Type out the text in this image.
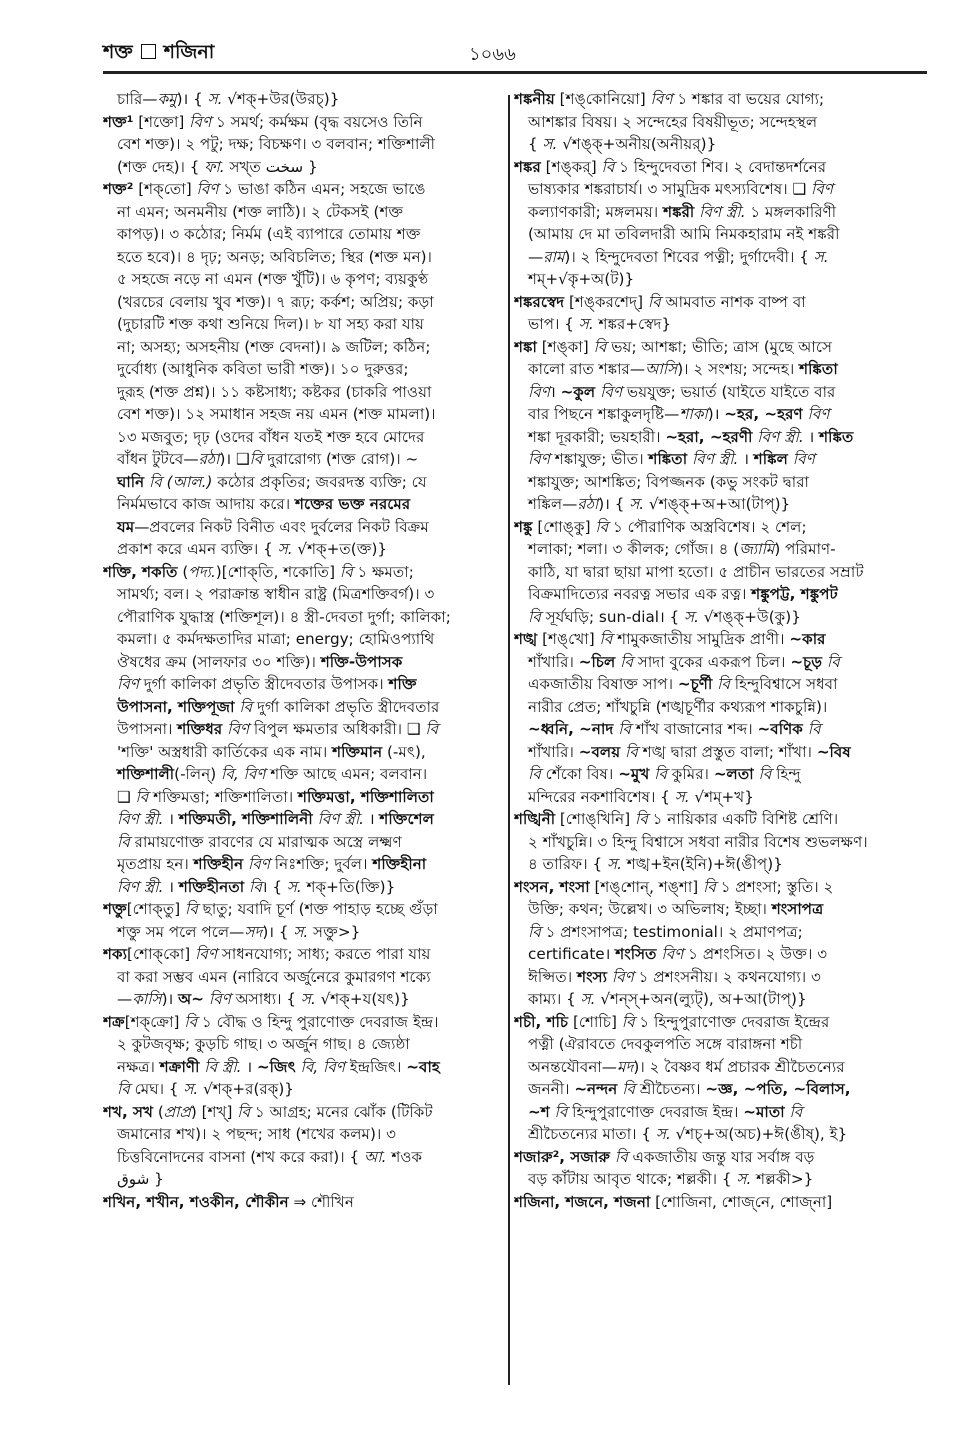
শক্ত শজিনা	১০৬৬
চারি—কমু)। { স. √শক্+উর(উরচ্)}
শক্ত¹ [শক্তো] বিণ ১ সমর্থ; কর্মক্ষম (বৃদ্ধ বয়সেও তিনি
বেশ শক্ত)। ২ পটু; দক্ষ; বিচক্ষণ। ৩ বলবান; শক্তিশালী
(শক্ত দেহ)। { ফা. সখ্‌ত سخت }
শক্ত² [শক্‌তো] বিণ ১ ভাঙা কঠিন এমন; সহজে ভাঙে
না এমন; অনমনীয় (শক্ত লাঠি)। ২ টেকসই (শক্ত
কাপড়)। ৩ কঠোর; নির্মম (এই ব্যাপারে তোমায় শক্ত
হতে হবে)। ৪ দৃঢ়; অনড়; অবিচলিত; স্থির (শক্ত মন)।
৫ সহজে নড়ে না এমন (শক্ত খুঁটি)। ৬ কৃপণ; ব্যয়কুণ্ঠ
(খরচের বেলায় খুব শক্ত)। ৭ রূঢ়; কর্কশ; অপ্রিয়; কড়া
(দুচারটি শক্ত কথা শুনিয়ে দিল)। ৮ যা সহ্য করা যায়
না; অসহ্য; অসহনীয় (শক্ত বেদনা)। ৯ জটিল; কঠিন;
দুর্বোধ্য (আধুনিক কবিতা ভারী শক্ত)। ১০ দুরুত্তর;
দুরূহ (শক্ত প্রশ্ন)। ১১ কষ্টসাধ্য; কষ্টকর (চাকরি পাওয়া
বেশ শক্ত)। ১২ সমাধান সহজ নয় এমন (শক্ত মামলা)।
১৩ মজবুত; দৃঢ় (ওদের বাঁধন যতই শক্ত হবে মোদের
বাঁধন টুটবে—রঠা)। ❑বি দুরারোগ্য (শক্ত রোগ)। ~
ঘানি বি (আল.) কঠোর প্রকৃতির; জবরদস্ত ব্যক্তি; যে
নির্মমভাবে কাজ আদায় করে। শক্তের ভক্ত নরমের
যম—প্রবলের নিকট বিনীত এবং দুর্বলের নিকট বিক্রম
প্রকাশ করে এমন ব্যক্তি। { স. √শক্+ত(ক্ত)}
শক্তি, শকতি (পদ্য.)[শোক্‌তি, শকোতি] বি ১ ক্ষমতা;
সামর্থ্য; বল। ২ পরাক্রান্ত স্বাধীন রাষ্ট্র (মিত্রশক্তিবর্গ)। ৩
পৌরাণিক যুদ্ধাস্ত্র (শক্তিশূল)। ৪ স্ত্রী-দেবতা দুর্গা; কালিকা;
কমলা। ৫ কর্মদক্ষতাদির মাত্রা; energy; হোমিওপ্যাথি
ঔষধের ক্রম (সালফার ৩০ শক্তি)। শক্তি-উপাসক
বিণ দুর্গা কালিকা প্রভৃতি স্ত্রীদেবতার উপাসক। শক্তি
উপাসনা, শক্তিপূজা বি দুর্গা কালিকা প্রভৃতি স্ত্রীদেবতার
উপাসনা। শক্তিধর বিণ বিপুল ক্ষমতার অধিকারী। ❑ বি
'শক্তি' অস্ত্রধারী কার্তিকের এক নাম। শক্তিমান (-মৎ),
শক্তিশালী(-লিন্) বি, বিণ শক্তি আছে এমন; বলবান।
❑ বি শক্তিমত্তা; শক্তিশালিতা। শক্তিমত্তা, শক্তিশালিতা
বিণ স্ত্রী. । শক্তিমতী, শক্তিশালিনী বিণ স্ত্রী. । শক্তিশেল
বি রামায়ণোক্ত রাবণের যে মারাত্মক অস্ত্রে লক্ষ্মণ
মৃতপ্রায় হন। শক্তিহীন বিণ নিঃশক্তি; দুর্বল। শক্তিহীনা
বিণ স্ত্রী. । শক্তিহীনতা বি। { স. শক্+তি(ক্তি)}
শক্তু[শোক্‌তু] বি ছাতু; যবাদি চূর্ণ (শক্ত পাহাড় হচ্ছে গুঁড়া
শক্তু সম পলে পলে—সদ)। { স. সক্তু>}
শক্য[শোক্‌কো] বিণ সাধনযোগ্য; সাধ্য; করতে পারা যায়
বা করা সম্ভব এমন (নারিবে অর্জুনেরে কুমারগণ শক্যে
—কাসি)। অ~ বিণ অসাধ্য। { স. √শক্+য(যৎ)}
শক্র[শক্‌ক্রো] বি ১ বৌদ্ধ ও হিন্দু পুরাণোক্ত দেবরাজ ইন্দ্র।
২ কুটজবৃক্ষ; কুড়চি গাছ। ৩ অর্জুন গাছ। ৪ জ্যেষ্ঠা
নক্ষত্র। শক্রাণী বি স্ত্রী. । ~জিৎ বি, বিণ ইন্দ্রজিৎ। ~বাহ
বি মেঘ। { স. √শক্+র(রক্)}
শখ, সখ (প্রাপ্র) [শখ্] বি ১ আগ্রহ; মনের ঝোঁক (টিকিট
জমানোর শখ)। ২ পছন্দ; সাধ (শখের কলম)। ৩
চিত্তবিনোদনের বাসনা (শখ করে করা)। { আ. শওক
شوق }
শখিন, শখীন, শওকীন, শৌকীন ⇒ শৌখিন
শঙ্কনীয় [শঙ্‌কোনিয়ো] বিণ ১ শঙ্কার বা ভয়ের যোগ্য;
আশঙ্কার বিষয়। ২ সন্দেহের বিষয়ীভূত; সন্দেহস্থল
{ স. √শঙ্ক্+অনীয়(অনীয়র্)}
শঙ্কর [শঙ্‌কর্] বি ১ হিন্দুদেবতা শিব। ২ বেদান্তদর্শনের
ভাষ্যকার শঙ্করাচার্য। ৩ সামুদ্রিক মৎস্যবিশেষ। ❑ বিণ
কল্যাণকারী; মঙ্গলময়। শঙ্করী বিণ স্ত্রী. ১ মঙ্গলকারিণী
(আমায় দে মা তবিলদারী আমি নিমকহারাম নই শঙ্করী
—রাম)। ২ হিন্দুদেবতা শিবের পত্নী; দুর্গাদেবী। { স.
শম্+√কৃ+অ(ট)}
শঙ্করস্বেদ [শঙ্‌করশেদ্] বি আমবাত নাশক বাষ্প বা
ভাপ। { স. শঙ্কর+স্বেদ}
শঙ্কা [শঙ্‌কা] বি ভয়; আশঙ্কা; ভীতি; ত্রাস (মুছে আসে
কালো রাত শঙ্কার—আসি)। ২ সংশয়; সন্দেহ। শঙ্কিতা
বিণ। ~কুল বিণ ভয়যুক্ত; ভয়ার্ত (যাইতে যাইতে বার
বার পিছনে শঙ্কাকুলদৃষ্টি—শাকা)। ~হর, ~হরণ বিণ
শঙ্কা দূরকারী; ভয়হারী। ~হরা, ~হরণী বিণ স্ত্রী. । শঙ্কিত
বিণ শঙ্কাযুক্ত; ভীত। শঙ্কিতা বিণ স্ত্রী. । শঙ্কিল বিণ
শঙ্কাযুক্ত; আশঙ্কিত; বিপজ্জনক (কভু সংকট দ্বারা
শঙ্কিল—রঠা)। { স. √শঙ্ক্+অ+আ(টাপ্)}
শঙ্কু [শোঙ্‌কু] বি ১ পৌরাণিক অস্ত্রবিশেষ। ২ শেল;
শলাকা; শলা। ৩ কীলক; গোঁজ। ৪ (জ্যামি) পরিমাণ-
কাঠি, যা দ্বারা ছায়া মাপা হতো। ৫ প্রাচীন ভারতের সম্রাট
বিক্রমাদিত্যের নবরত্ন সভার এক রত্ন। শঙ্কুপট্ট, শঙ্কুপট
বি সূর্যঘড়ি; sun-dial। { স. √শঙ্ক্+উ(কু)}
শঙ্খ [শঙ্‌খো] বি শামুকজাতীয় সামুদ্রিক প্রাণী। ~কার
শাঁখারি। ~চিল বি সাদা বুকের একরূপ চিল। ~চূড় বি
একজাতীয় বিষাক্ত সাপ। ~চূর্ণী বি হিন্দুবিশ্বাসে সধবা
নারীর প্রেত; শাঁখচুন্নি (শঙ্খচূর্ণীর কথ্যরূপ শাকচুন্নি)।
~ধ্বনি, ~নাদ বি শাঁখ বাজানোর শব্দ। ~বণিক বি
শাঁখারি। ~বলয় বি শঙ্খ দ্বারা প্রস্তুত বালা; শাঁখা। ~বিষ
বি শেঁকো বিষ। ~মুখ বি কুমির। ~লতা বি হিন্দু
মন্দিরের নকশাবিশেষ। { স. √শম্+খ}
শঙ্খিনী [শোঙ্‌খিনি] বি ১ নায়িকার একটি বিশিষ্ট শ্রেণি।
২ শাঁখচুন্নি। ৩ হিন্দু বিশ্বাসে সধবা নারীর বিশেষ শুভলক্ষণ।
৪ তারিফ। { স. শঙ্খ+ইন(ইনি)+ঈ(ঙীপ্)}
শংসন, শংসা [শঙ্‌শোন্, শঙ্‌শা] বি ১ প্রশংসা; স্তুতি। ২
উক্তি; কথন; উল্লেখ। ৩ অভিলাষ; ইচ্ছা। শংসাপত্র
বি ১ প্রশংসাপত্র; testimonial। ২ প্রমাণপত্র;
certificate। শংসিত বিণ ১ প্রশংসিত। ২ উক্ত। ৩
ঈপ্সিত। শংস্য বিণ ১ প্রশংসনীয়। ২ কথনযোগ্য। ৩
কাম্য। { স. √শন্‌স্+অন(ল্যুট্), অ+আ(টাপ্)}
শচী, শচি [শোচি] বি ১ হিন্দুপুরাণোক্ত দেবরাজ ইন্দ্রের
পত্নী (ঐরাবতে দেবকুলপতি সঙ্গে বারাঙ্গনা শচী
অনন্তযৌবনা—মদ)। ২ বৈষ্ণব ধর্ম প্রচারক শ্রীচৈতন্যের
জননী। ~নন্দন বি শ্রীচৈতন্য। ~জ্ঞ, ~পতি, ~বিলাস,
~শ বি হিন্দুপুরাণোক্ত দেবরাজ ইন্দ্র। ~মাতা বি
শ্রীচৈতন্যের মাতা। { স. √শচ্+অ(অচ)+ঈ(ঙীষ্), ই}
শজারু², সজারু বি একজাতীয় জন্তু যার সর্বাঙ্গ বড়
বড় কাঁটায় আবৃত থাকে; শল্লকী। { স. শল্লকী>}
শজিনা, শজনে, শজনা [শোজিনা, শোজ্‌নে, শোজ্‌না]
